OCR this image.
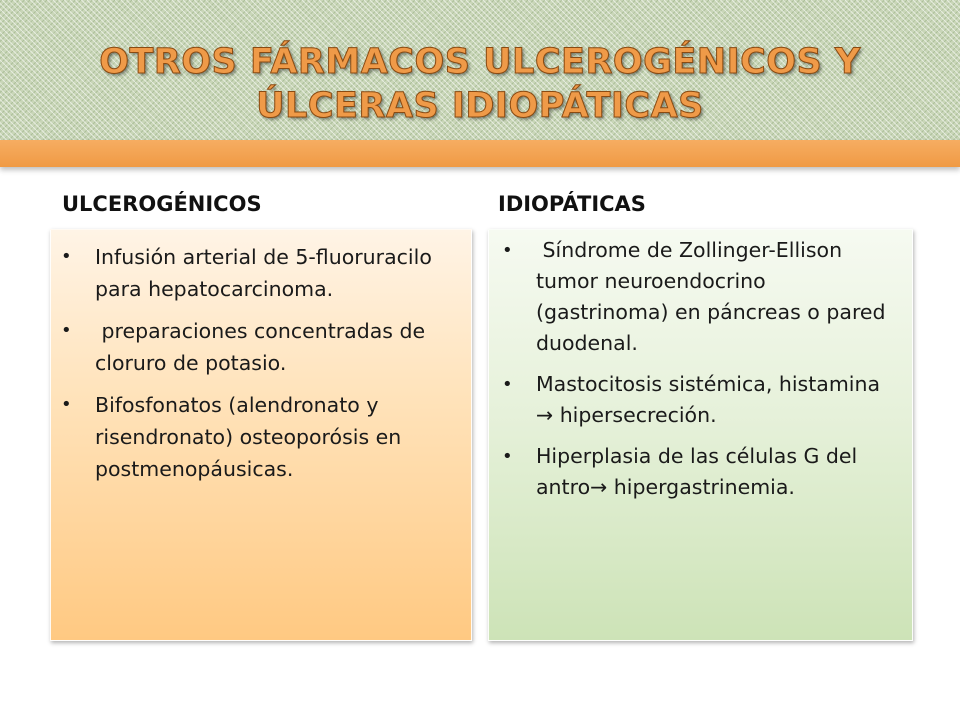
OTROS FÁRMACOS ULCEROGÉNICOS Y
ÚLCERAS IDIOPÁTICAS
ULCEROGÉNICOS	IDIOPÁTICAS
• Infusión arterial de 5-fluoruracilo para hepatocarcinoma.
• preparaciones concentradas de cloruro de potasio.
• Bifosfonatos (alendronato y risendronato) osteoporósis en postmenopáusicas.
• Síndrome de Zollinger-Ellison  tumor neuroendocrino (gastrinoma) en páncreas o pared duodenal.
• Mastocitosis sistémica, histamina → hipersecreción.
• Hiperplasia de las células G del antro→ hipergastrinemia.
